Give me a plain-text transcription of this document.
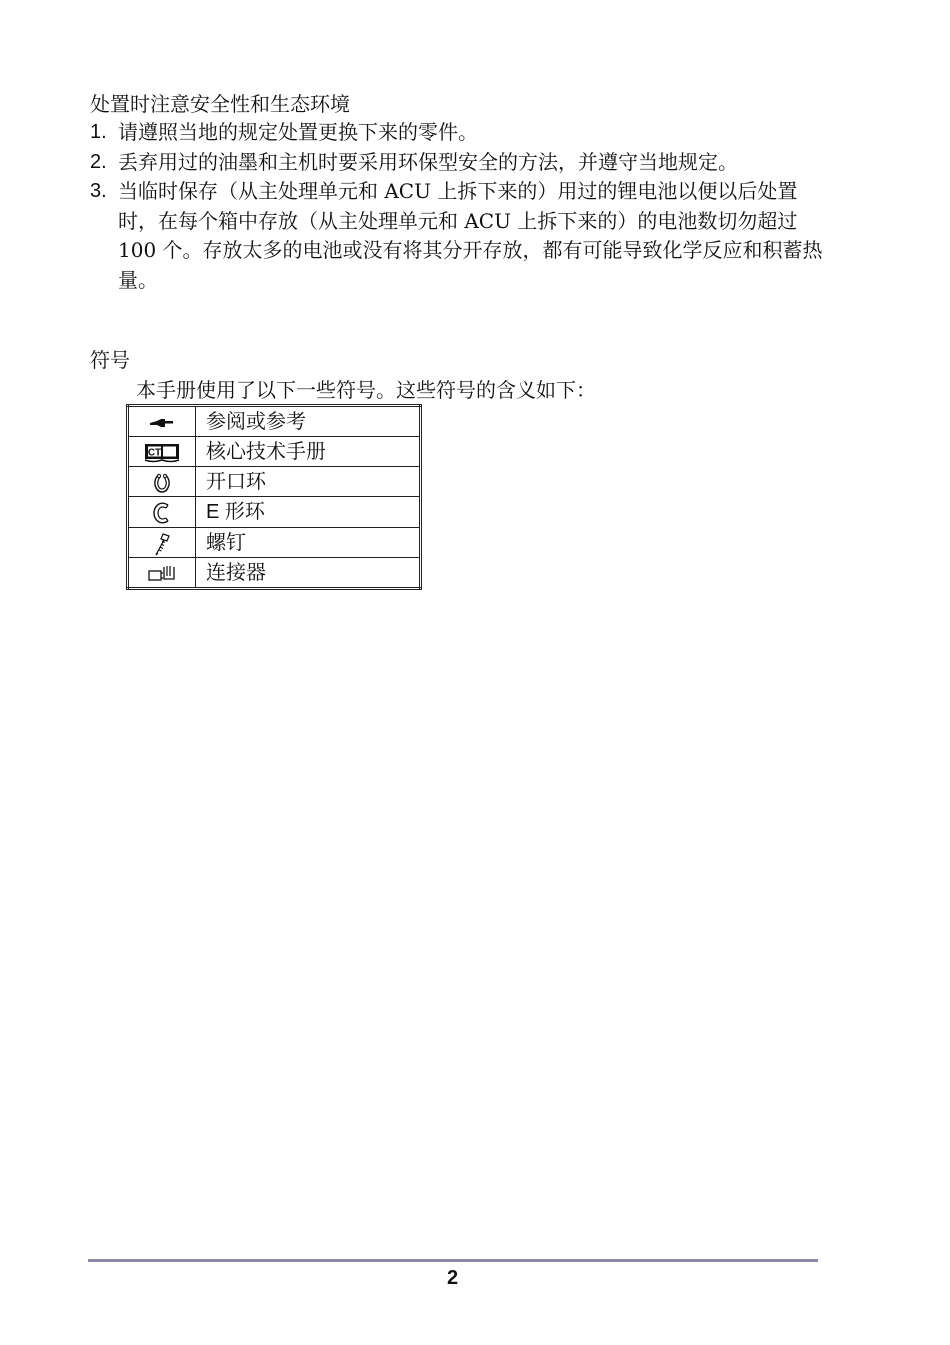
处置时注意安全性和生态环境
1. 请遵照当地的规定处置更换下来的零件。
2. 丢弃用过的油墨和主机时要采用环保型安全的方法，并遵守当地规定。
3. 当临时保存（从主处理单元和 ACU 上拆下来的）用过的锂电池以便以后处置时，在每个箱中存放（从主处理单元和 ACU 上拆下来的）的电池数切勿超过 100 个。存放太多的电池或没有将其分开存放，都有可能导致化学反应和积蓄热量。
符号

本手册使用了以下一些符号。这些符号的含义如下：

	参阅或参考

CT	核心技术手册
	开口环
	E 形环
	螺钉
	连接器
2
